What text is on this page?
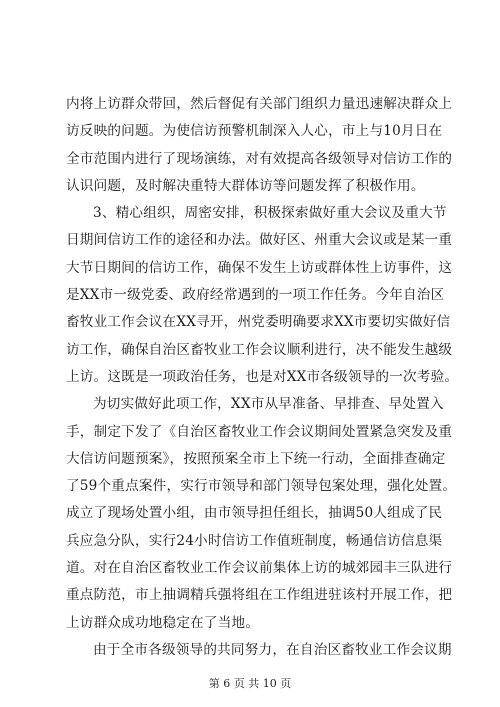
内将上访群众带回，然后督促有关部门组织力量迅速解决群众上
访反映的问题。为使信访预警机制深入人心，市上与10月日在
全市范围内进行了现场演练，对有效提高各级领导对信访工作的
认识问题，及时解决重特大群体访等问题发挥了积极作用。
3、精心组织，周密安排，积极探索做好重大会议及重大节
日期间信访工作的途径和办法。做好区、州重大会议或是某一重
大节日期间的信访工作，确保不发生上访或群体性上访事件，这
是XX市一级党委、政府经常遇到的一项工作任务。今年自治区
畜牧业工作会议在XX寻开，州党委明确要求XX市要切实做好信
访工作，确保自治区畜牧业工作会议顺利进行，决不能发生越级
上访。这既是一项政治任务，也是对XX市各级领导的一次考验。
为切实做好此项工作，XX市从早准备、早排查、早处置入
手，制定下发了《自治区畜牧业工作会议期间处置紧急突发及重
大信访问题预案》，按照预案全市上下统一行动，全面排查确定
了59个重点案件，实行市领导和部门领导包案处理，强化处置。
成立了现场处置小组，由市领导担任组长，抽调50人组成了民
兵应急分队，实行24小时信访工作值班制度，畅通信访信息渠
道。对在自治区畜牧业工作会议前集体上访的城郊园丰三队进行
重点防范，市上抽调精兵强将组在工作组进驻该村开展工作，把
上访群众成功地稳定在了当地。
由于全市各级领导的共同努力，在自治区畜牧业工作会议期
第 6 页 共 10 页
